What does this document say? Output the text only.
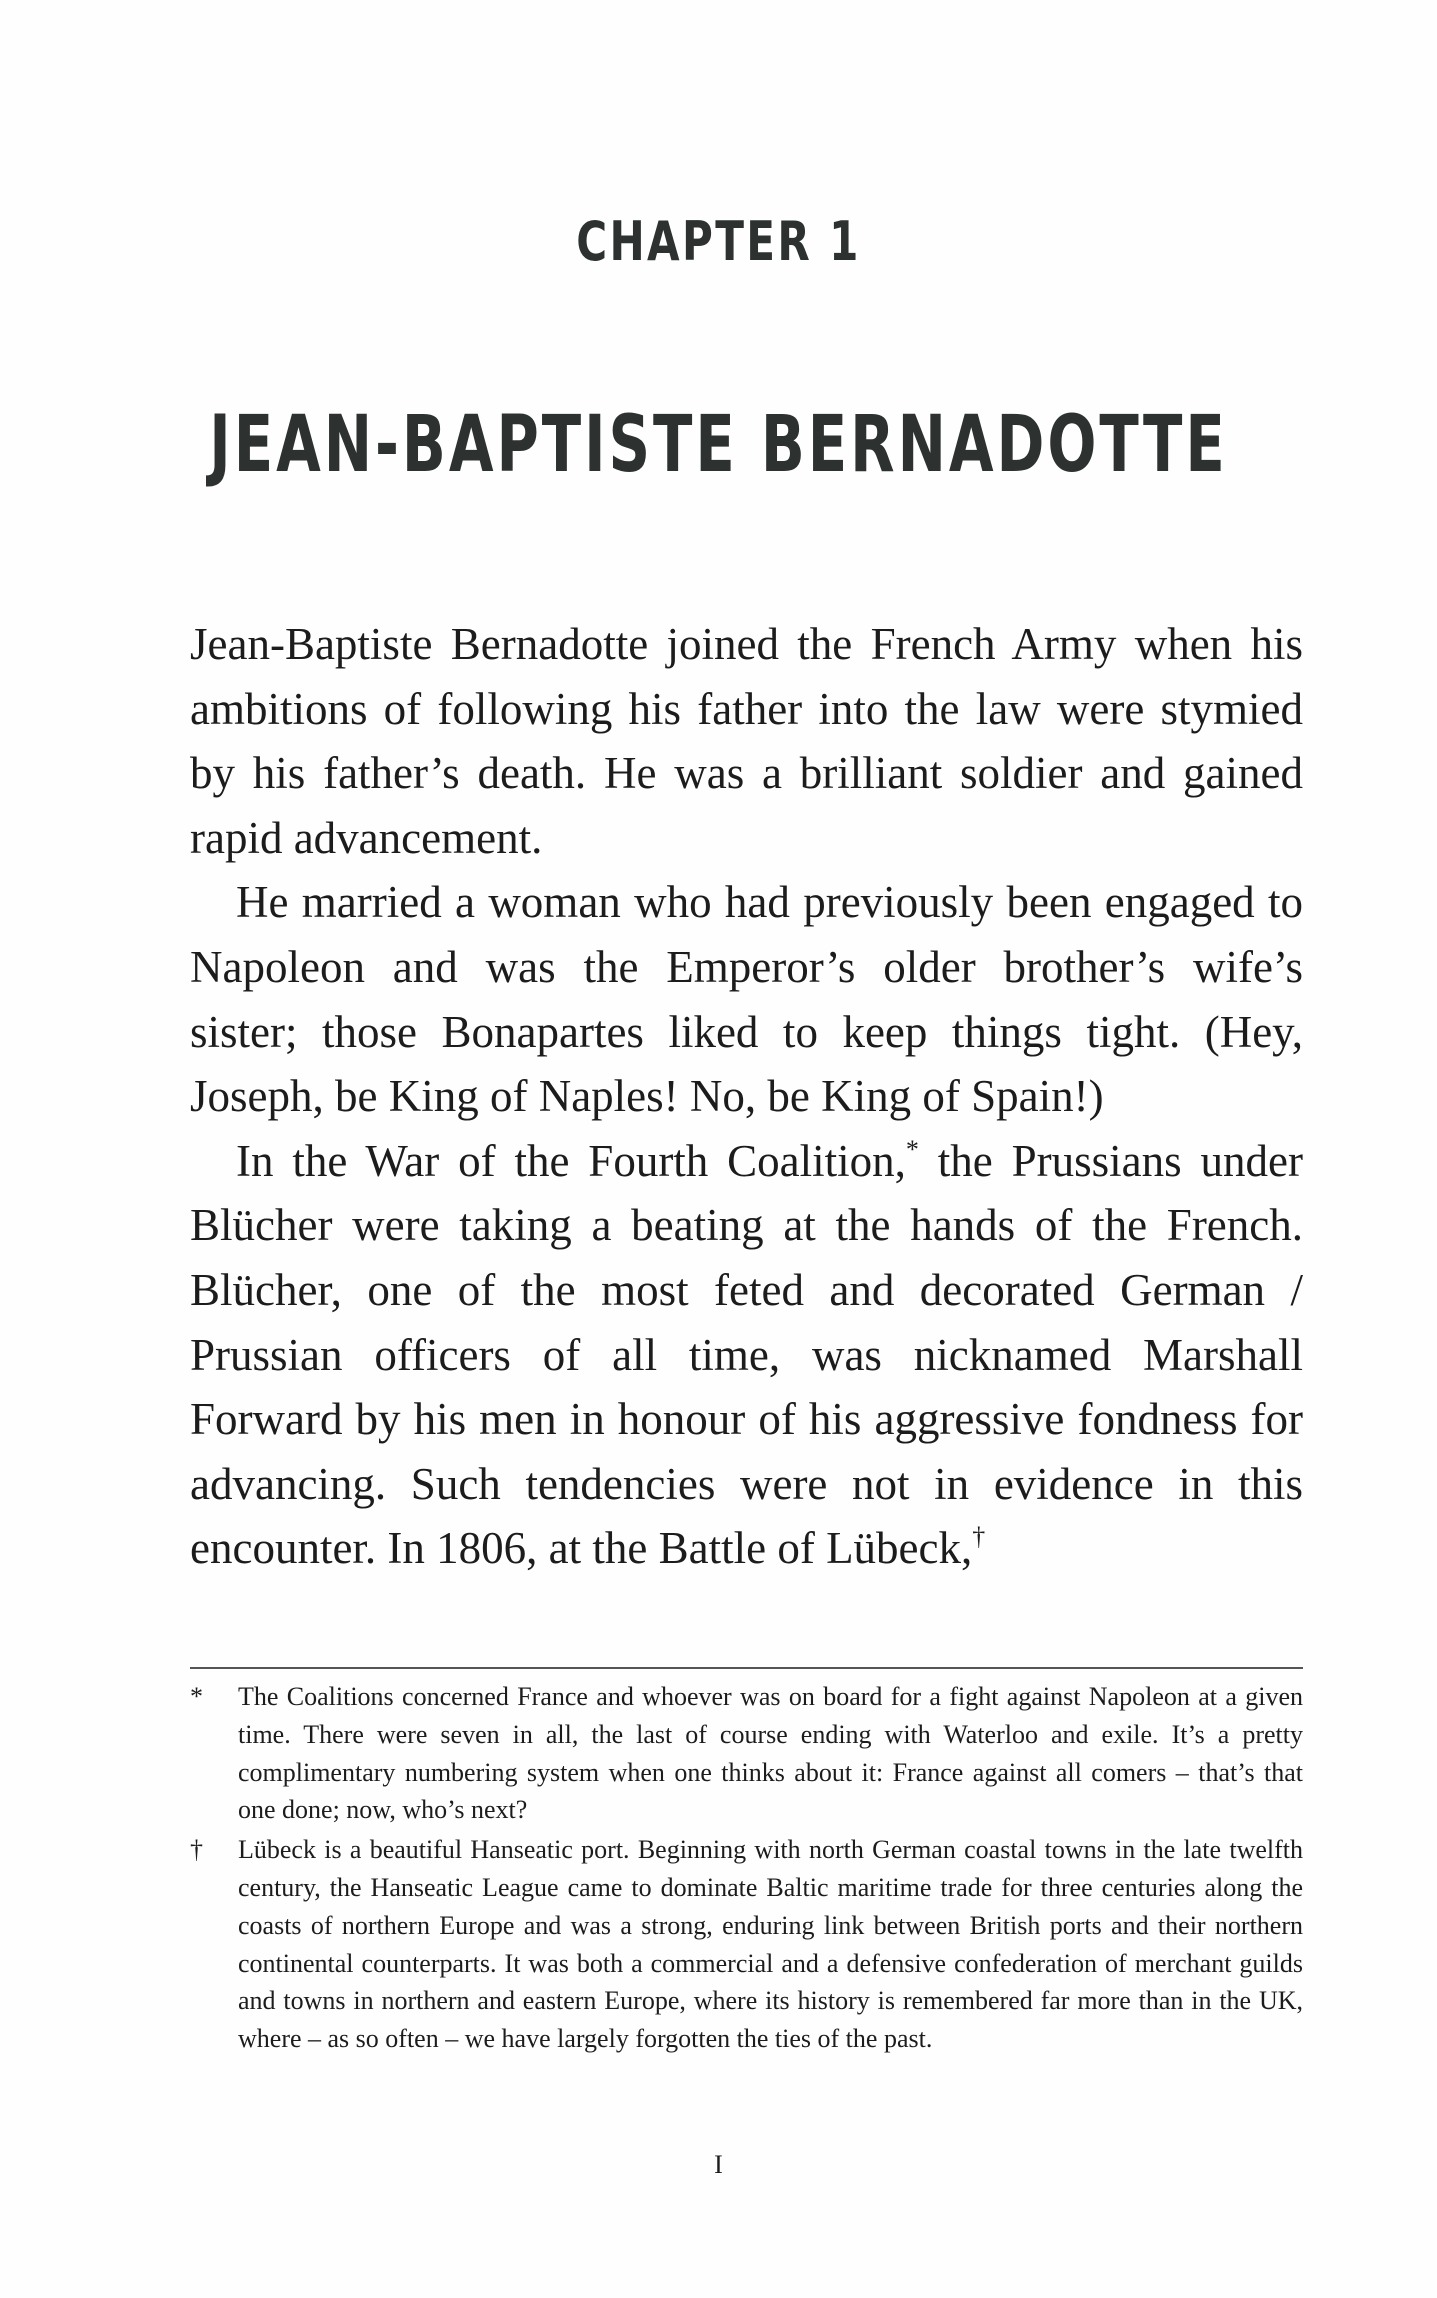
CHAPTER 1
JEAN-BAPTISTE BERNADOTTE

Jean-Baptiste Bernadotte joined the French Army when his ambitions of following his father into the law were stymied by his father’s death. He was a brilliant soldier and gained rapid advancement.

He married a woman who had previously been engaged to Napoleon and was the Emperor’s older brother’s wife’s sister; those Bonapartes liked to keep things tight. (Hey, Joseph, be King of Naples! No, be King of Spain!)

In the War of the Fourth Coalition,* the Prussians under Blücher were taking a beating at the hands of the French. Blücher, one of the most feted and decorated German / Prussian officers of all time, was nicknamed Marshall Forward by his men in honour of his aggressive fondness for advancing. Such tendencies were not in evidence in this encounter. In 1806, at the Battle of Lübeck,†

*	The Coalitions concerned France and whoever was on board for a fight against Napoleon at a given time. There were seven in all, the last of course ending with Waterloo and exile. It’s a pretty complimentary numbering system when one thinks about it: France against all comers – that’s that one done; now, who’s next?
†	Lübeck is a beautiful Hanseatic port. Beginning with north German coastal towns in the late twelfth century, the Hanseatic League came to dominate Baltic maritime trade for three centuries along the coasts of northern Europe and was a strong, enduring link between British ports and their northern continental counterparts. It was both a commercial and a defensive confederation of merchant guilds and towns in northern and eastern Europe, where its history is remembered far more than in the UK, where – as so often – we have largely forgotten the ties of the past.
I
